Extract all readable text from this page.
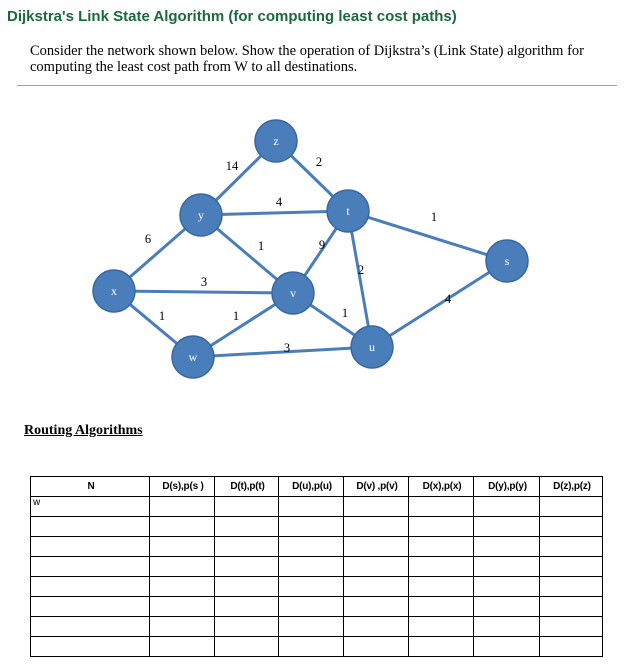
Dijkstra's Link State Algorithm (for computing least cost paths)

Consider the network shown below. Show the operation of Dijkstra’s (Link State) algorithm for computing the least cost path from W to all destinations.

14	2
4
1
6	1	9
2
3
1	1	1
4
3
z
y	t
s
x	v
u
w

Routing Algorithms

N	D(s),p(s )	D(t),p(t)	D(u),p(u)	D(v) ,p(v)	D(x),p(x)	D(y),p(y)	D(z),p(z)
w							
